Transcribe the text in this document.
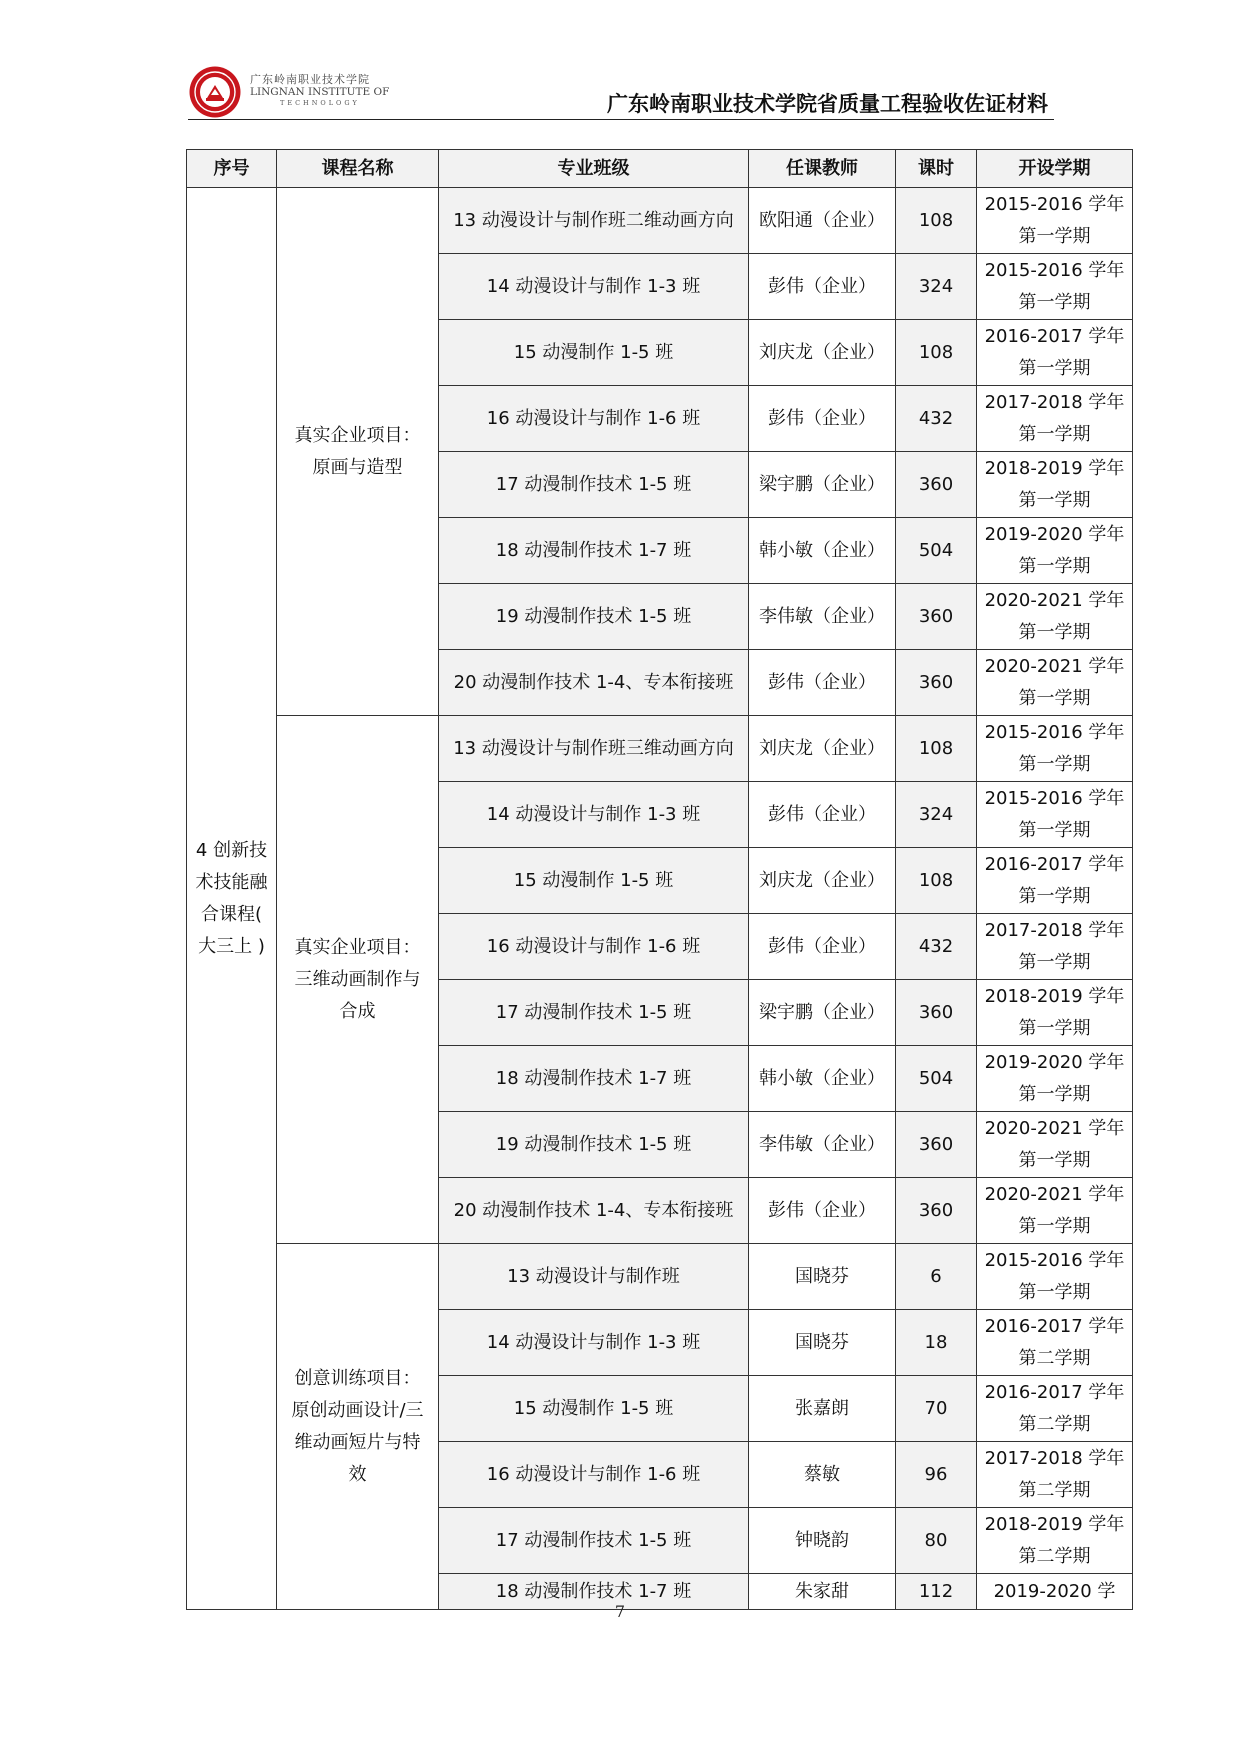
广东岭南职业技术学院
LINGNAN INSTITUTE OF
TECHNOLOGY	广东岭南职业技术学院省质量工程验收佐证材料
序号	课程名称	专业班级	任课教师	课时	开设学期
4 创新技术技能融合课程( 大三上 )	真实企业项目：原画与造型	13 动漫设计与制作班二维动画方向	欧阳通（企业）	108	2015-2016 学年第一学期
		14 动漫设计与制作 1-3 班	彭伟（企业）	324	2015-2016 学年第一学期
		15 动漫制作 1-5 班	刘庆龙（企业）	108	2016-2017 学年第一学期
		16 动漫设计与制作 1-6 班	彭伟（企业）	432	2017-2018 学年第一学期
		17 动漫制作技术 1-5 班	梁宇鹏（企业）	360	2018-2019 学年第一学期
		18 动漫制作技术 1-7 班	韩小敏（企业）	504	2019-2020 学年第一学期
		19 动漫制作技术 1-5 班	李伟敏（企业）	360	2020-2021 学年第一学期
		20 动漫制作技术 1-4、专本衔接班	彭伟（企业）	360	2020-2021 学年第一学期
	真实企业项目：三维动画制作与合成	13 动漫设计与制作班三维动画方向	刘庆龙（企业）	108	2015-2016 学年第一学期
		14 动漫设计与制作 1-3 班	彭伟（企业）	324	2015-2016 学年第一学期
		15 动漫制作 1-5 班	刘庆龙（企业）	108	2016-2017 学年第一学期
		16 动漫设计与制作 1-6 班	彭伟（企业）	432	2017-2018 学年第一学期
		17 动漫制作技术 1-5 班	梁宇鹏（企业）	360	2018-2019 学年第一学期
		18 动漫制作技术 1-7 班	韩小敏（企业）	504	2019-2020 学年第一学期
		19 动漫制作技术 1-5 班	李伟敏（企业）	360	2020-2021 学年第一学期
		20 动漫制作技术 1-4、专本衔接班	彭伟（企业）	360	2020-2021 学年第一学期
	创意训练项目：原创动画设计/三维动画短片与特效	13 动漫设计与制作班	国晓芬	6	2015-2016 学年第一学期
		14 动漫设计与制作 1-3 班	国晓芬	18	2016-2017 学年第二学期
		15 动漫制作 1-5 班	张嘉朗	70	2016-2017 学年第二学期
		16 动漫设计与制作 1-6 班	蔡敏	96	2017-2018 学年第二学期
		17 动漫制作技术 1-5 班	钟晓韵	80	2018-2019 学年第二学期
		18 动漫制作技术 1-7 班	朱家甜	112	2019-2020 学
7
